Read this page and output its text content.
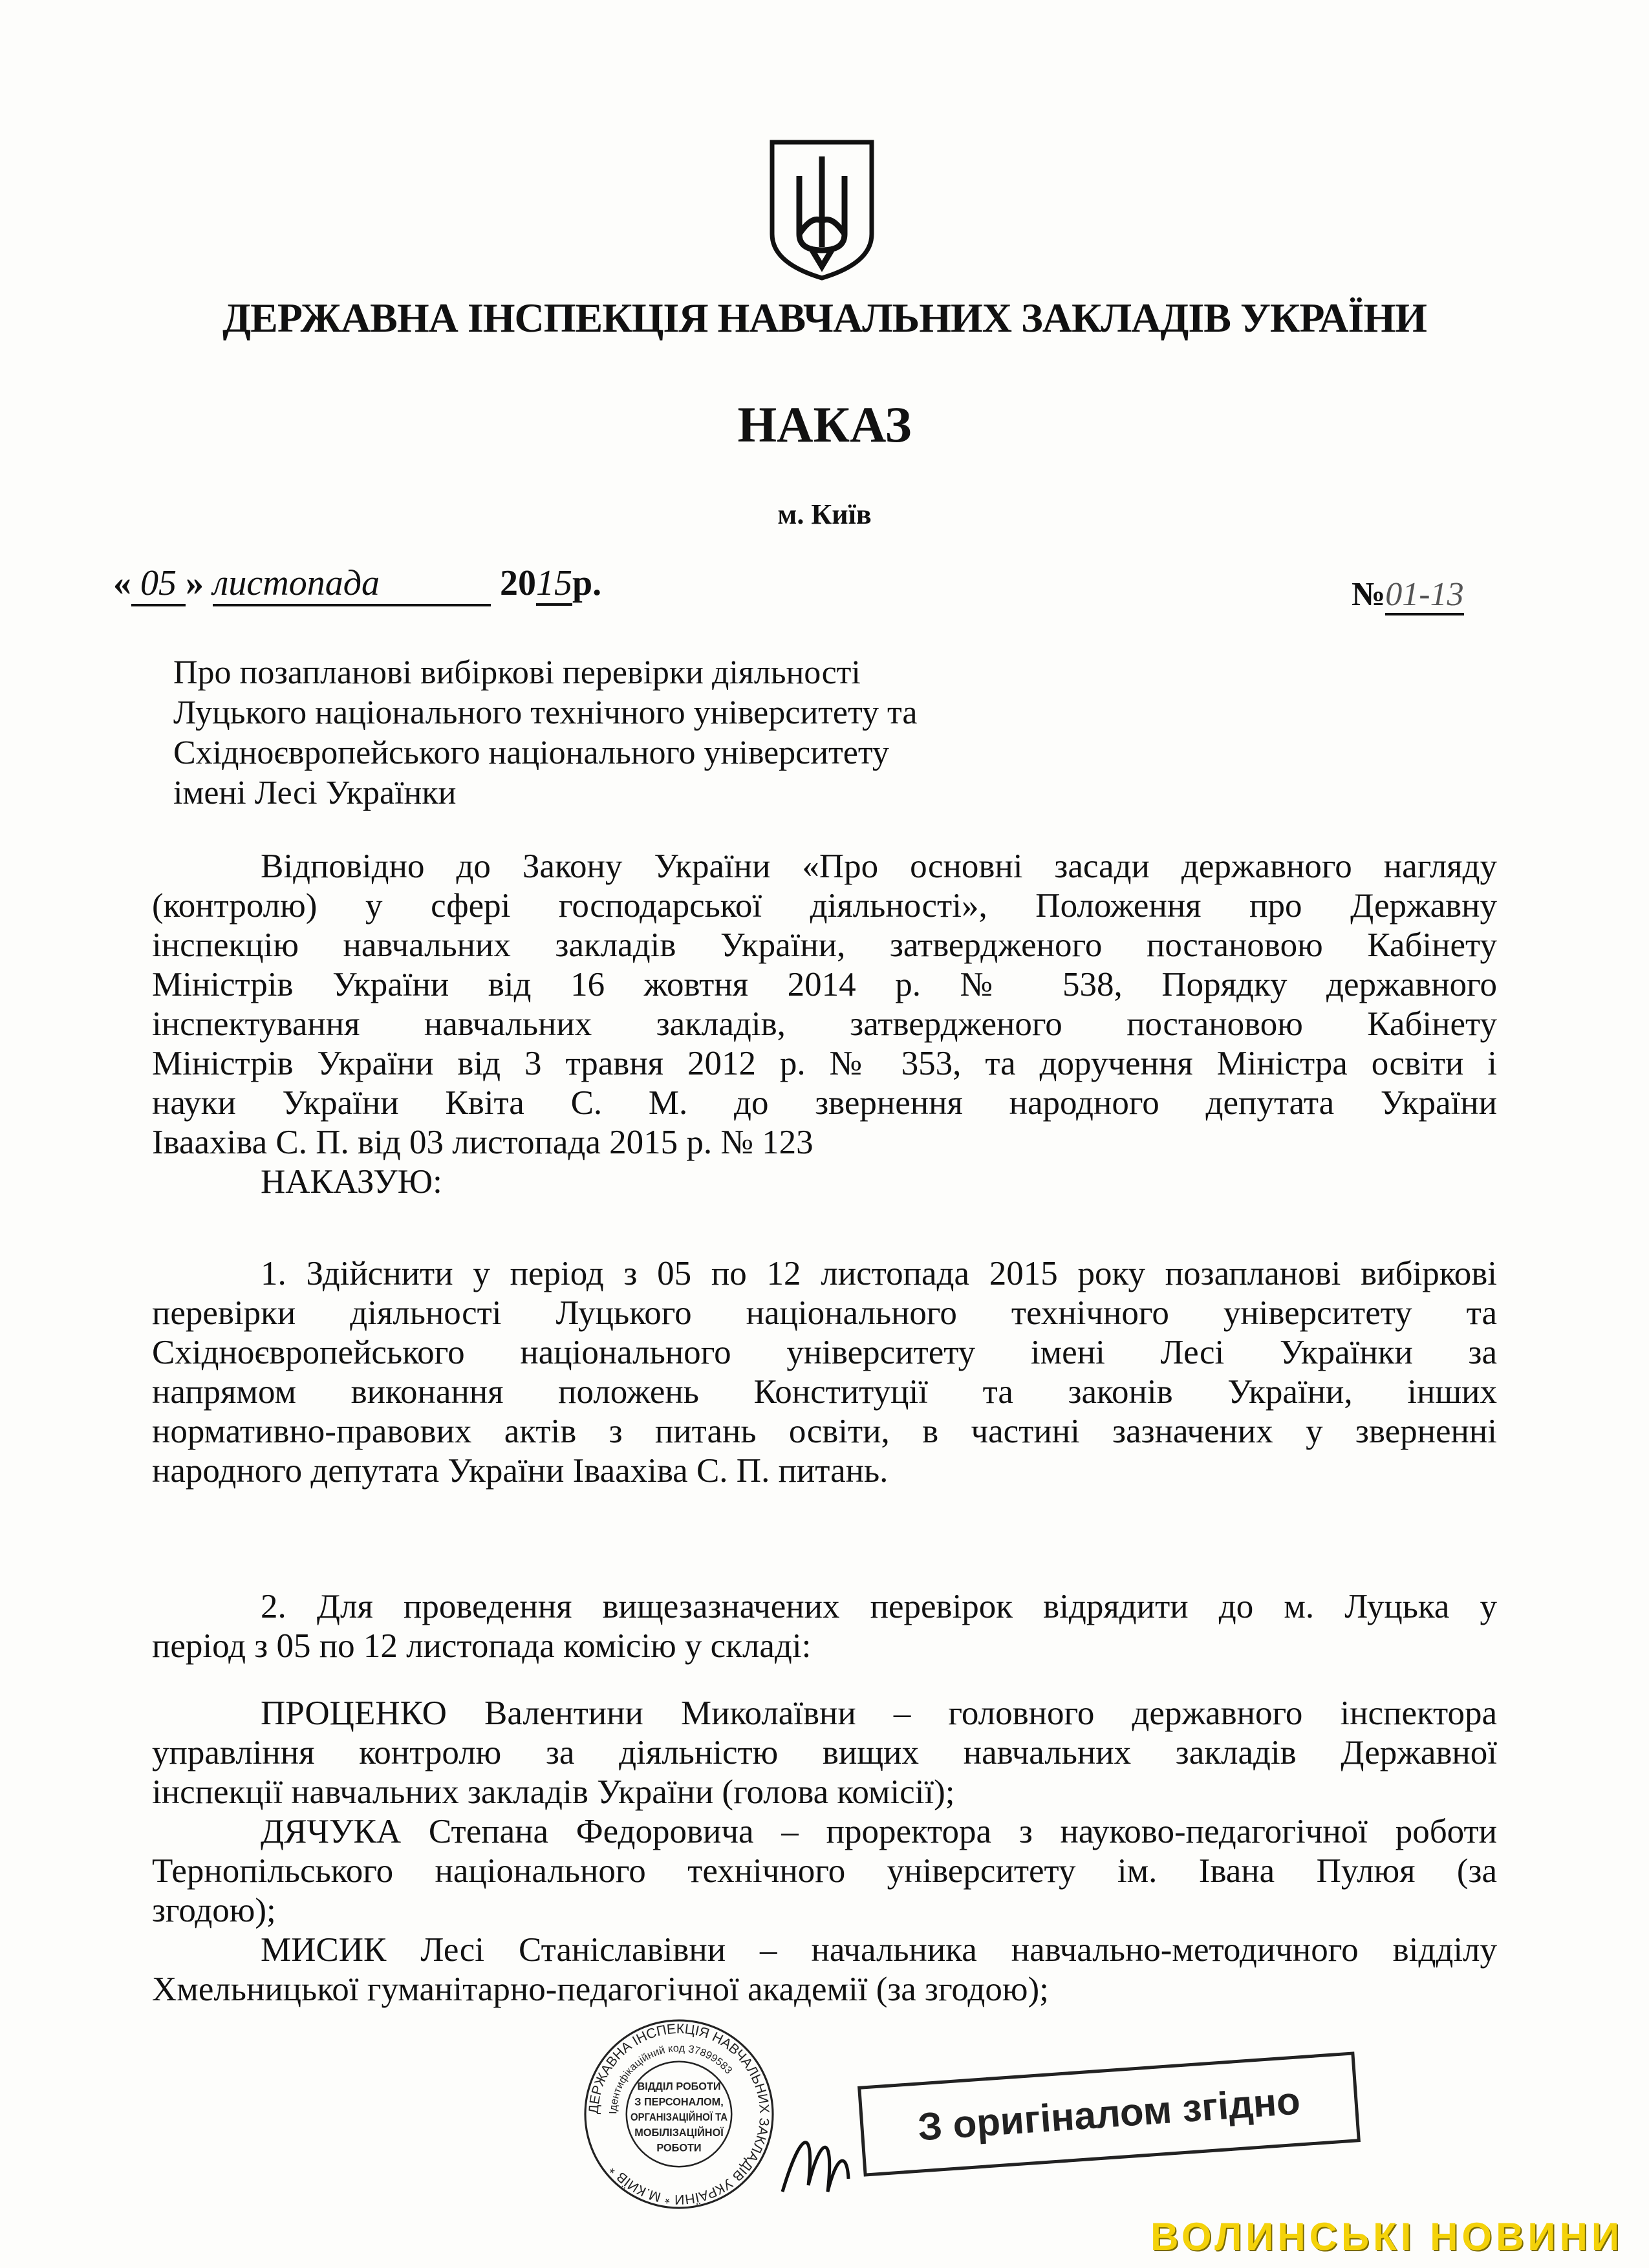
ДЕРЖАВНА ІНСПЕКЦІЯ НАВЧАЛЬНИХ ЗАКЛАДІВ УКРАЇНИ
НАКАЗ
м. Київ
« 05 » листопада	2015р.	№01-13
Про позапланові вибіркові перевірки діяльності
Луцького національного технічного університету та
Східноєвропейського національного університету
імені Лесі Українки
Відповідно до Закону України «Про основні засади державного нагляду
(контролю) у сфері господарської діяльності», Положення про Державну
інспекцію навчальних закладів України, затвердженого постановою Кабінету
Міністрів України від 16 жовтня 2014 р. № 538, Порядку державного
інспектування навчальних закладів, затвердженого постановою Кабінету
Міністрів України від 3 травня 2012 р. № 353, та доручення Міністра освіти і
науки України Квіта С. М. до звернення народного депутата України
Іваахіва С. П. від 03 листопада 2015 р. № 123
НАКАЗУЮ:
1. Здійснити у період з 05 по 12 листопада 2015 року позапланові вибіркові
перевірки діяльності Луцького національного технічного університету та
Східноєвропейського національного університету імені Лесі Українки за
напрямом виконання положень Конституції та законів України, інших
нормативно-правових актів з питань освіти, в частині зазначених у зверненні
народного депутата України Іваахіва С. П. питань.
2. Для проведення вищезазначених перевірок відрядити до м. Луцька у
період з 05 по 12 листопада комісію у складі:
ПРОЦЕНКО Валентини Миколаївни – головного державного інспектора
управління контролю за діяльністю вищих навчальних закладів Державної
інспекції навчальних закладів України (голова комісії);
ДЯЧУКА Степана Федоровича – проректора з науково-педагогічної роботи
Тернопільського національного технічного університету ім. Івана Пулюя (за
згодою);
МИСИК Лесі Станіславівни – начальника навчально-методичного відділу
Хмельницької гуманітарно-педагогічної академії (за згодою);
ДЕРЖАВНА ІНСПЕКЦІЯ НАВЧАЛЬНИХ ЗАКЛАДІВ УКРАЇНИ * М.КИЇВ *
Ідентифікаційний код 37899583
ВІДДІЛ РОБОТИ
З ПЕРСОНАЛОМ,
ОРГАНІЗАЦІЙНОЇ ТА
МОБІЛІЗАЦІЙНОЇ
РОБОТИ	З оригіналом згідно
ВОЛИНСЬКІ НОВИНИ
